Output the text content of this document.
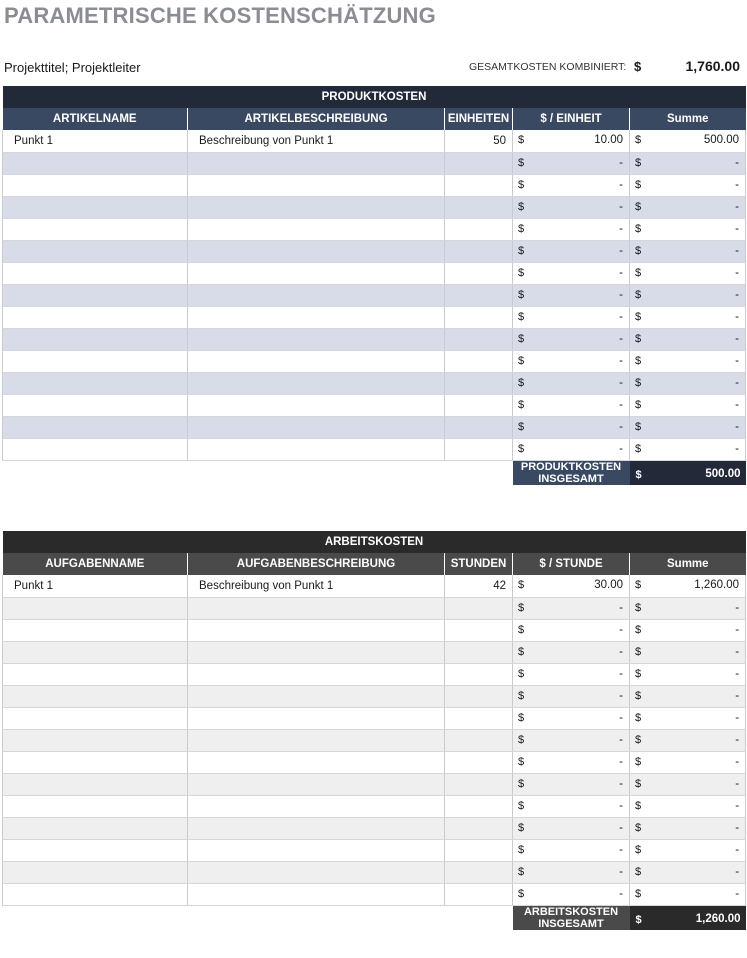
PARAMETRISCHE KOSTENSCHÄTZUNG
Projekttitel; Projektleiter	GESAMTKOSTEN KOMBINIERT: $	1,760.00
PRODUKTKOSTEN				
ARTIKELNAME	ARTIKELBESCHREIBUNG	EINHEITEN	$ / EINHEIT	Summe
Punkt 1	Beschreibung von Punkt 1	50	$ 10.00	$ 500.00

			$ -	$ -

			$ -	$ -

			$ -	$ -

			$ -	$ -

			$ -	$ -

			$ -	$ -

			$ -	$ -

			$ -	$ -

			$ -	$ -

			$ -	$ -

			$ -	$ -

			$ -	$ -

			$ -	$ -

			$ -	$ -

			PRODUKTKOSTEN INSGESAMT	$ 500.00
ARBEITSKOSTEN				
AUFGABENNAME	AUFGABENBESCHREIBUNG	STUNDEN	$ / STUNDE	Summe
Punkt 1	Beschreibung von Punkt 1	42	$ 30.00	$ 1,260.00

			$ -	$ -

			$ -	$ -

			$ -	$ -

			$ -	$ -

			$ -	$ -

			$ -	$ -

			$ -	$ -

			$ -	$ -

			$ -	$ -

			$ -	$ -

			$ -	$ -

			$ -	$ -

			$ -	$ -

			$ -	$ -

			ARBEITSKOSTEN INSGESAMT	$ 1,260.00
